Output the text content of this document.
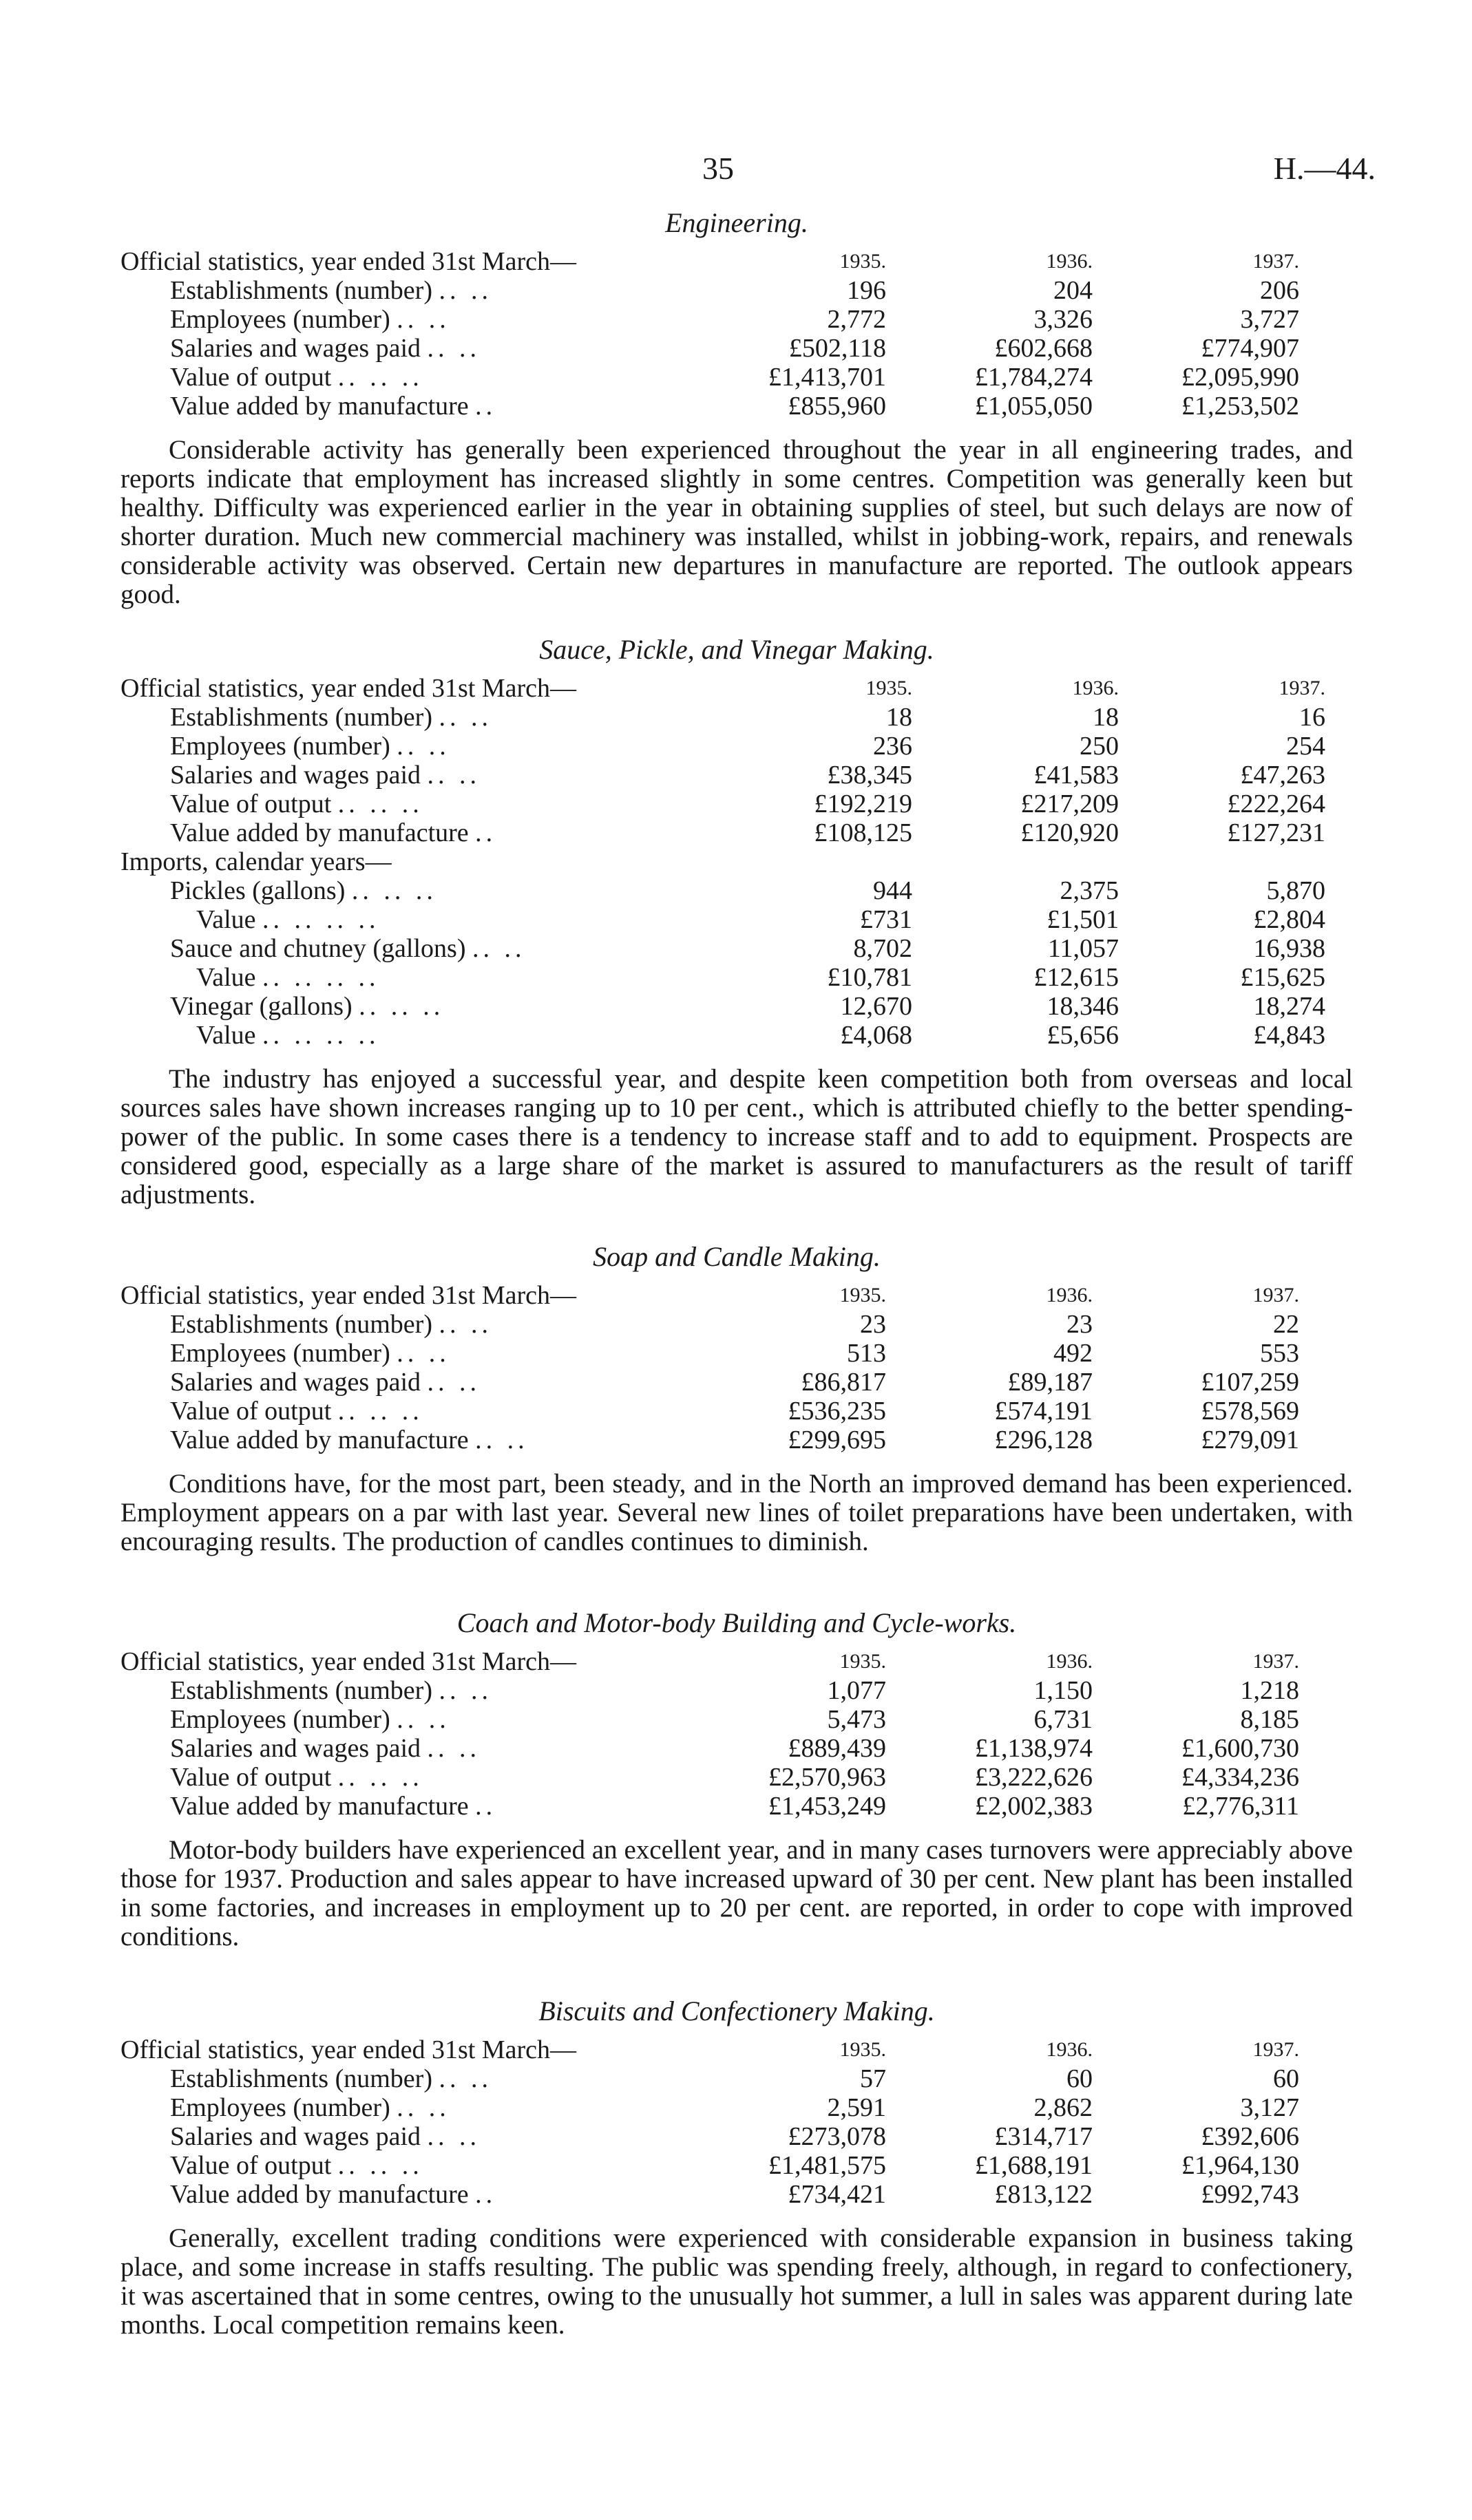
35	H.—44.
Engineering.
Official statistics, year ended 31st March—	1935.	1936.	1937.
Establishments (number) .. ..	196	204	206
Employees (number) .. ..	2,772	3,326	3,727
Salaries and wages paid .. ..	£502,118	£602,668	£774,907
Value of output .. .. ..	£1,413,701	£1,784,274	£2,095,990
Value added by manufacture ..	£855,960	£1,055,050	£1,253,502

Considerable activity has generally been experienced throughout the year in all engineering trades, and reports indicate that employment has increased slightly in some centres. Competition was generally keen but healthy. Difficulty was experienced earlier in the year in obtaining supplies of steel, but such delays are now of shorter duration. Much new commercial machinery was installed, whilst in jobbing-work, repairs, and renewals considerable activity was observed. Certain new departures in manufacture are reported. The outlook appears good.

Sauce, Pickle, and Vinegar Making.
Official statistics, year ended 31st March—	1935.	1936.	1937.
Establishments (number) .. ..	18	18	16
Employees (number) .. ..	236	250	254
Salaries and wages paid .. ..	£38,345	£41,583	£47,263
Value of output .. .. ..	£192,219	£217,209	£222,264
Value added by manufacture ..	£108,125	£120,920	£127,231
Imports, calendar years—			
Pickles (gallons) .. .. ..	944	2,375	5,870
Value .. .. .. ..	£731	£1,501	£2,804
Sauce and chutney (gallons) .. ..	8,702	11,057	16,938
Value .. .. .. ..	£10,781	£12,615	£15,625
Vinegar (gallons) .. .. ..	12,670	18,346	18,274
Value .. .. .. ..	£4,068	£5,656	£4,843

The industry has enjoyed a successful year, and despite keen competition both from overseas and local sources sales have shown increases ranging up to 10 per cent., which is attributed chiefly to the better spending-power of the public. In some cases there is a tendency to increase staff and to add to equipment. Prospects are considered good, especially as a large share of the market is assured to manufacturers as the result of tariff adjustments.

Soap and Candle Making.
Official statistics, year ended 31st March—	1935.	1936.	1937.
Establishments (number) .. ..	23	23	22
Employees (number) .. ..	513	492	553
Salaries and wages paid .. ..	£86,817	£89,187	£107,259
Value of output .. .. ..	£536,235	£574,191	£578,569
Value added by manufacture .. ..	£299,695	£296,128	£279,091

Conditions have, for the most part, been steady, and in the North an improved demand has been experienced. Employment appears on a par with last year. Several new lines of toilet preparations have been undertaken, with encouraging results. The production of candles continues to diminish.

Coach and Motor-body Building and Cycle-works.
Official statistics, year ended 31st March—	1935.	1936.	1937.
Establishments (number) .. ..	1,077	1,150	1,218
Employees (number) .. ..	5,473	6,731	8,185
Salaries and wages paid .. ..	£889,439	£1,138,974	£1,600,730
Value of output .. .. ..	£2,570,963	£3,222,626	£4,334,236
Value added by manufacture ..	£1,453,249	£2,002,383	£2,776,311

Motor-body builders have experienced an excellent year, and in many cases turnovers were appreciably above those for 1937. Production and sales appear to have increased upward of 30 per cent. New plant has been installed in some factories, and increases in employment up to 20 per cent. are reported, in order to cope with improved conditions.

Biscuits and Confectionery Making.
Official statistics, year ended 31st March—	1935.	1936.	1937.
Establishments (number) .. ..	57	60	60
Employees (number) .. ..	2,591	2,862	3,127
Salaries and wages paid .. ..	£273,078	£314,717	£392,606
Value of output .. .. ..	£1,481,575	£1,688,191	£1,964,130
Value added by manufacture ..	£734,421	£813,122	£992,743

Generally, excellent trading conditions were experienced with considerable expansion in business taking place, and some increase in staffs resulting. The public was spending freely, although, in regard to confectionery, it was ascertained that in some centres, owing to the unusually hot summer, a lull in sales was apparent during late months. Local competition remains keen.
